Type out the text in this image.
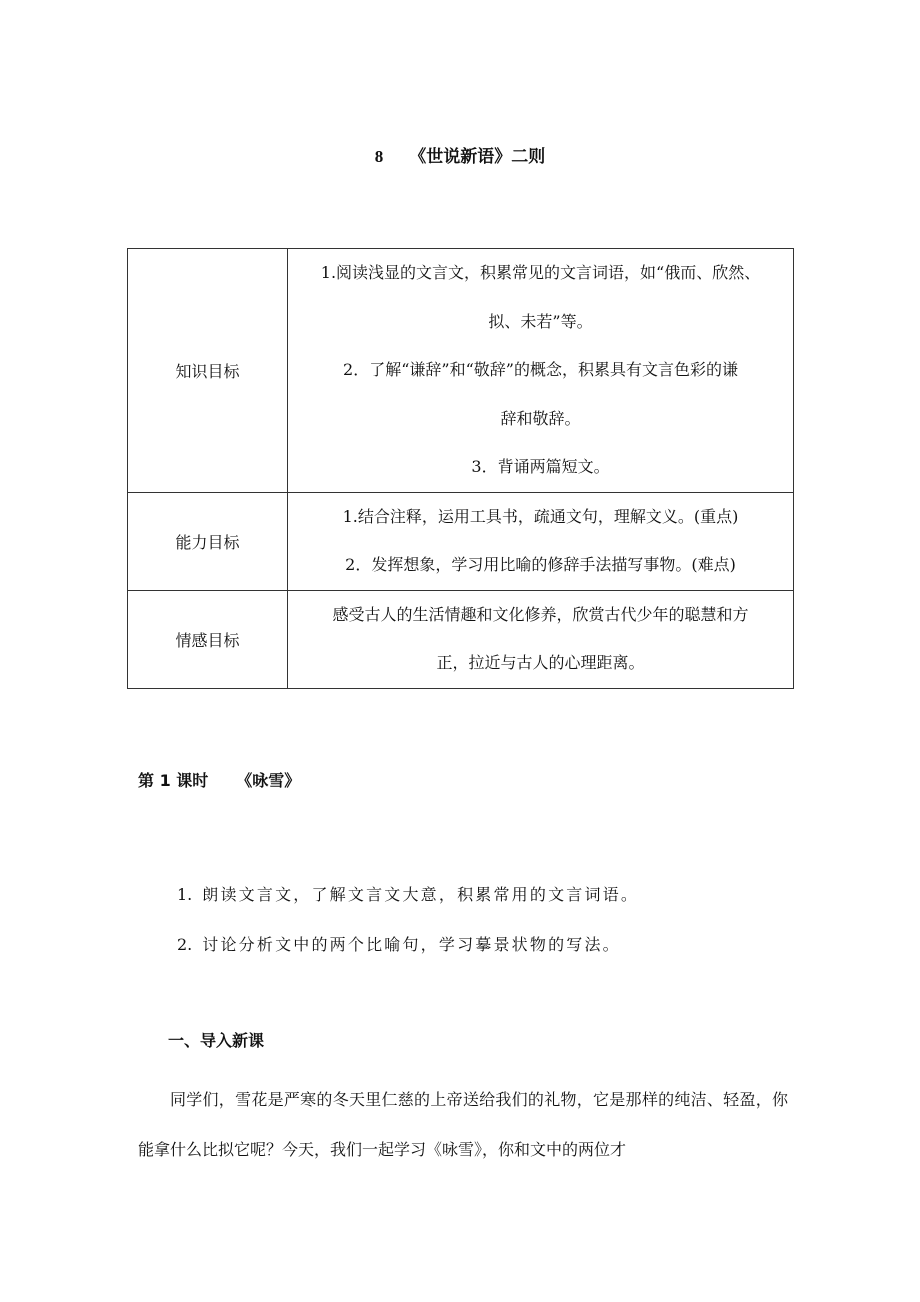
8 《世说新语》二则
知识目标	1.阅读浅显的文言文，积累常见的文言词语，如“俄而、欣然、
拟、未若”等。
2．了解“谦辞”和“敬辞”的概念，积累具有文言色彩的谦
辞和敬辞。
3．背诵两篇短文。

能力目标	1.结合注释，运用工具书，疏通文句，理解文义。(重点)
2．发挥想象，学习用比喻的修辞手法描写事物。(难点)

情感目标	感受古人的生活情趣和文化修养，欣赏古代少年的聪慧和方
正，拉近与古人的心理距离。
第 1 课时 《咏雪》
1. 朗读文言文，了解文言文大意，积累常用的文言词语。
2. 讨论分析文中的两个比喻句，学习摹景状物的写法。
一、导入新课
同学们，雪花是严寒的冬天里仁慈的上帝送给我们的礼物，它是那样的纯洁、轻盈，你能拿什么比拟它呢？今天，我们一起学习《咏雪》，你和文中的两位才
